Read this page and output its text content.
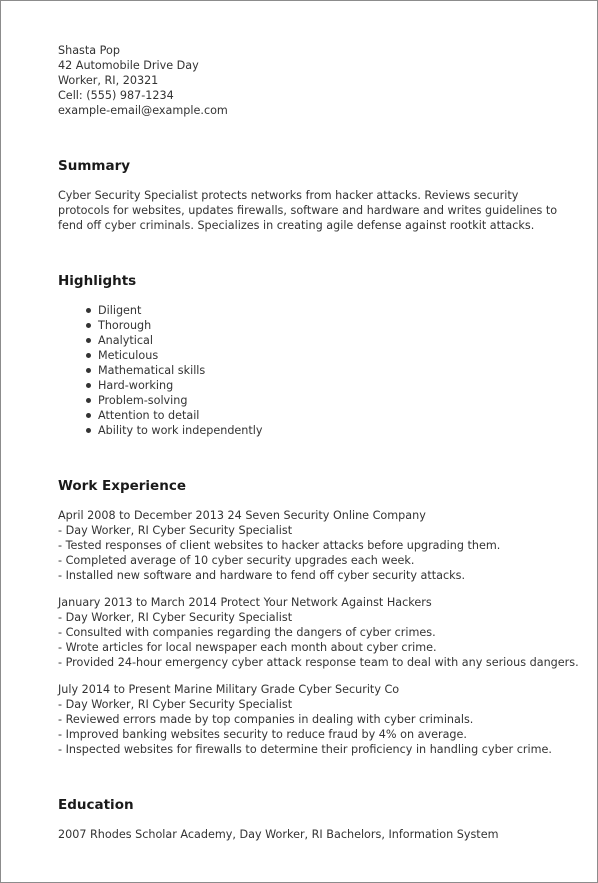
Shasta Pop
42 Automobile Drive Day
Worker, RI, 20321
Cell: (555) 987-1234
example-email@example.com
Summary
Cyber Security Specialist protects networks from hacker attacks. Reviews security protocols for websites, updates firewalls, software and hardware and writes guidelines to fend off cyber criminals. Specializes in creating agile defense against rootkit attacks.
Highlights
Diligent
Thorough
Analytical
Meticulous
Mathematical skills
Hard-working
Problem-solving
Attention to detail
Ability to work independently
Work Experience
April 2008 to December 2013 24 Seven Security Online Company
- Day Worker, RI Cyber Security Specialist
- Tested responses of client websites to hacker attacks before upgrading them.
- Completed average of 10 cyber security upgrades each week.
- Installed new software and hardware to fend off cyber security attacks.
January 2013 to March 2014 Protect Your Network Against Hackers
- Day Worker, RI Cyber Security Specialist
- Consulted with companies regarding the dangers of cyber crimes.
- Wrote articles for local newspaper each month about cyber crime.
- Provided 24-hour emergency cyber attack response team to deal with any serious dangers.
July 2014 to Present Marine Military Grade Cyber Security Co
- Day Worker, RI Cyber Security Specialist
- Reviewed errors made by top companies in dealing with cyber criminals.
- Improved banking websites security to reduce fraud by 4% on average.
- Inspected websites for firewalls to determine their proficiency in handling cyber crime.
Education
2007 Rhodes Scholar Academy, Day Worker, RI Bachelors, Information System
